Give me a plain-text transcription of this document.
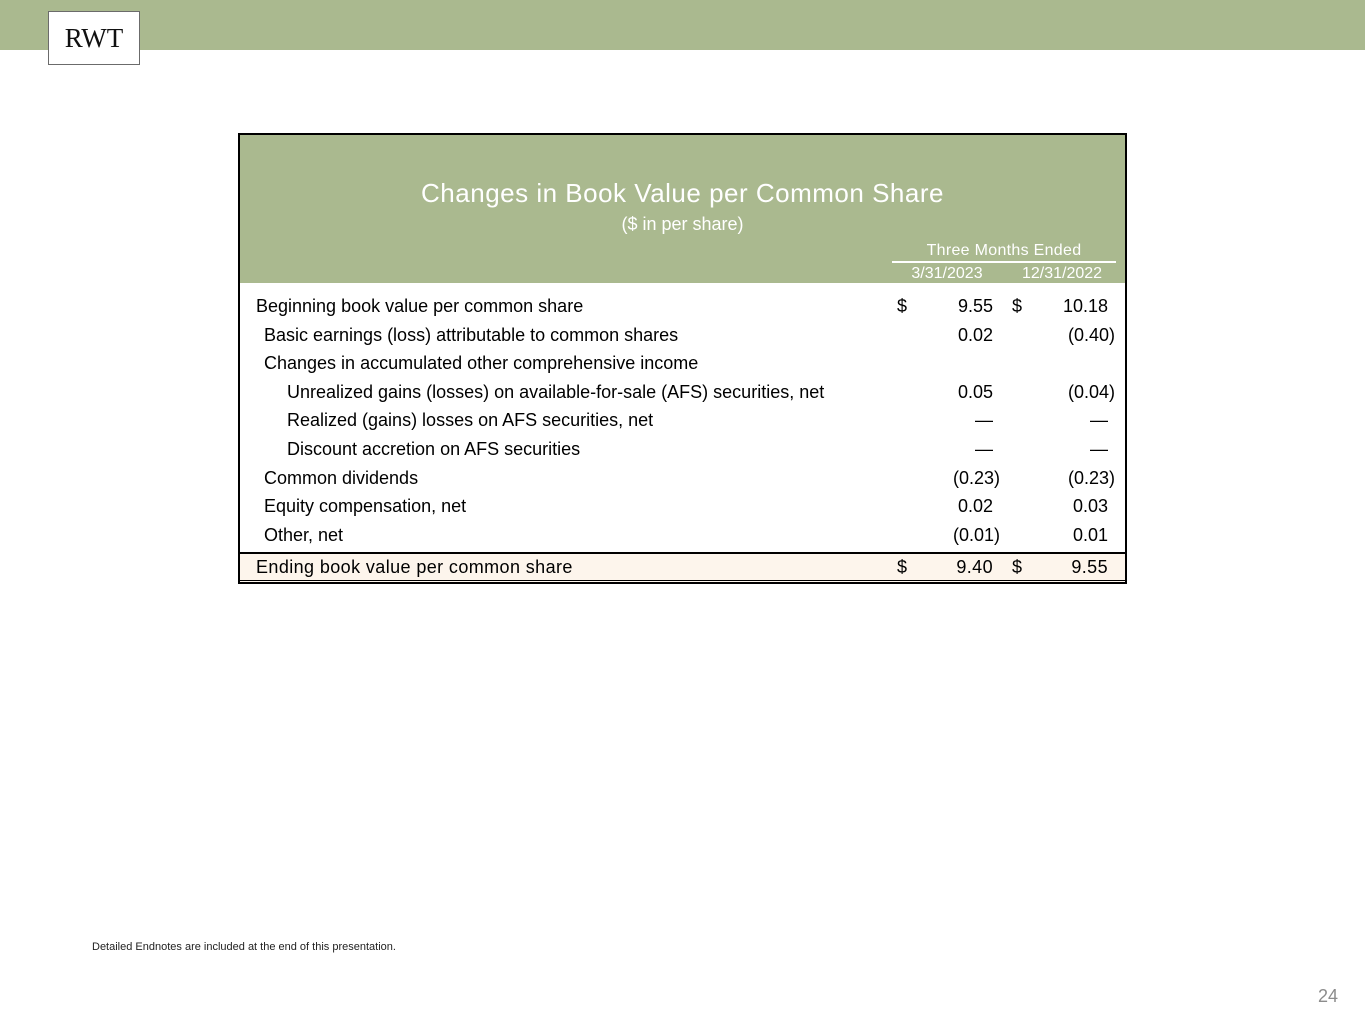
RWT
Changes in Book Value per Common Share
($ in per share)
Three Months Ended
3/31/2023	12/31/2022
Beginning book value per common share	$	9.55 $	10.18
Basic earnings (loss) attributable to common shares	0.02	(0.40)
Changes in accumulated other comprehensive income
Unrealized gains (losses) on available-for-sale (AFS) securities, net	0.05	(0.04)
Realized (gains) losses on AFS securities, net	—	—
Discount accretion on AFS securities	—	—
Common dividends	(0.23)	(0.23)
Equity compensation, net	0.02	0.03
Other, net	(0.01)	0.01
Ending book value per common share	$	9.40 $	9.55
Detailed Endnotes are included at the end of this presentation.
24
